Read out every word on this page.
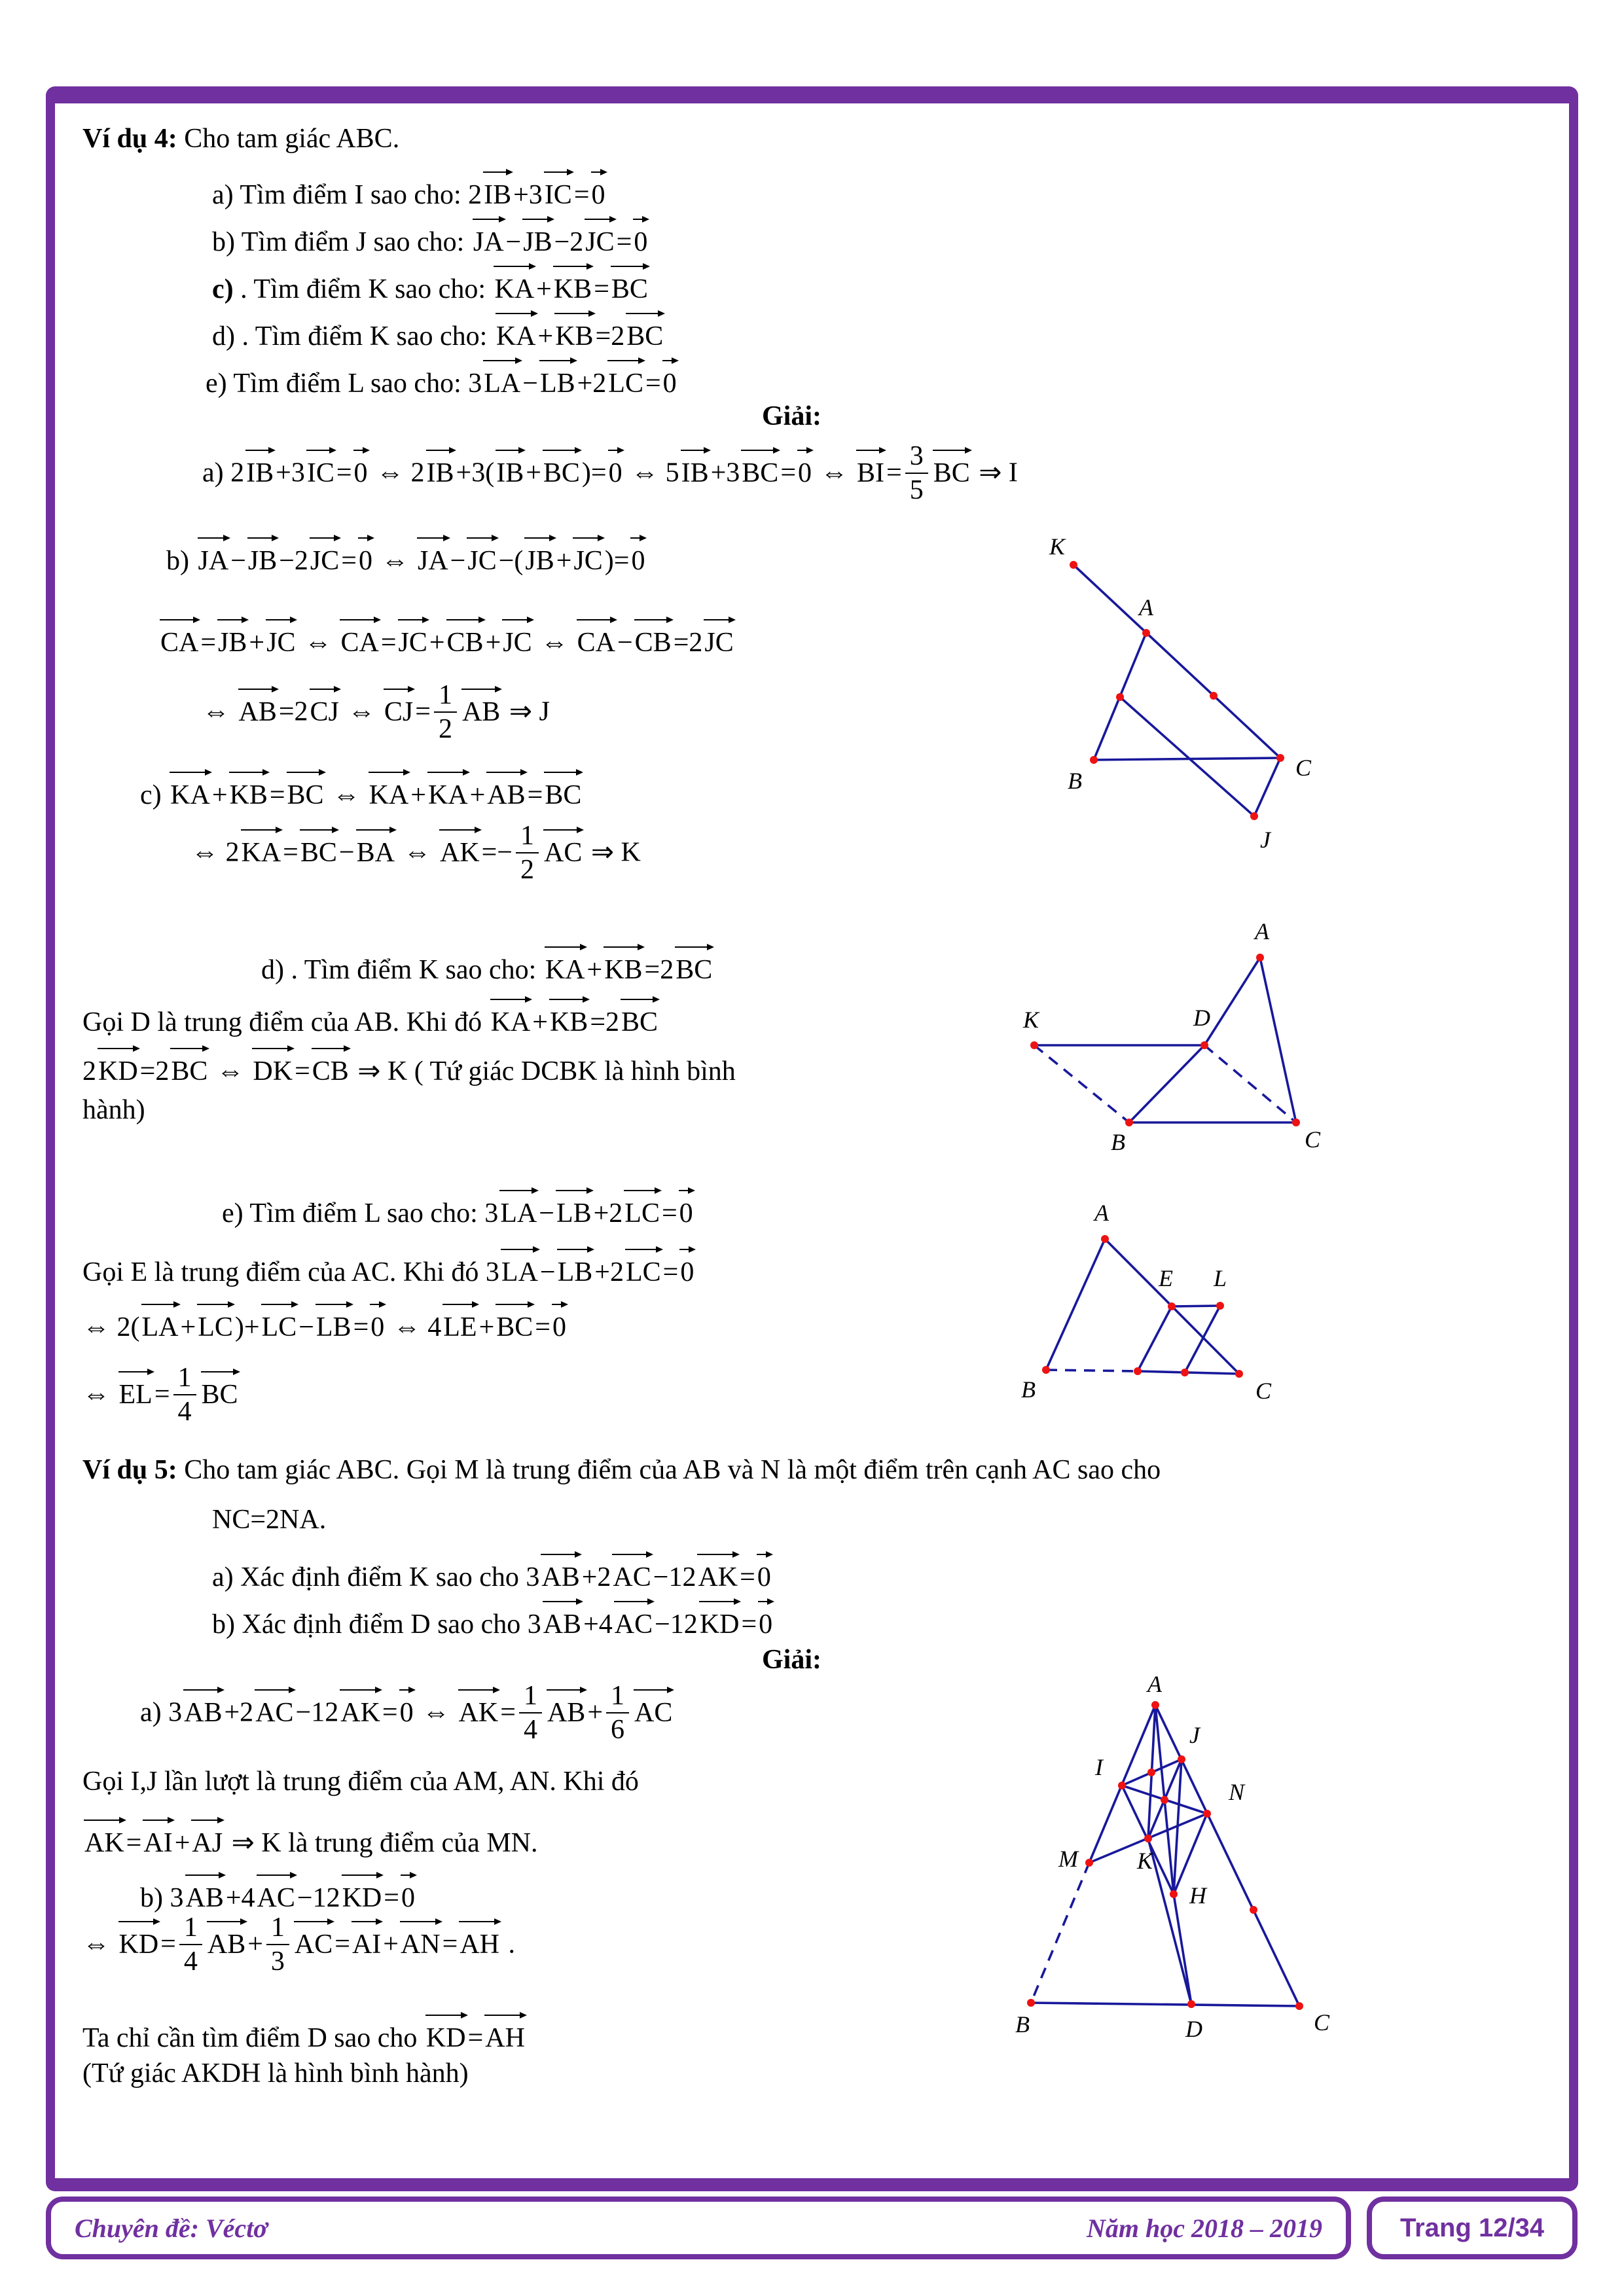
Ví dụ 4: Cho tam giác ABC.
a) Tìm điểm I sao cho: 2IB+3IC=0
b) Tìm điểm J sao cho: JA−JB−2JC=0
c) . Tìm điểm K sao cho: KA+KB=BC
d) . Tìm điểm K sao cho: KA+KB=2BC
e) Tìm điểm L sao cho: 3LA−LB+2LC=0
Giải:
a) 2IB+3IC=0 ⇔ 2IB+3(IB+BC)=0 ⇔ 5IB+3BC=0 ⇔ $BI= \frac{3}{5}$ BC ⇒ I
b) JA−JB−2JC=0 ⇔ JA−JC−(JB+JC)=0
CA=JB+JC ⇔ CA=JC+CB+JC ⇔ CA−CB=2JC
⇔ AB=2CJ ⇔ $CJ= \frac{1}{2}$ AB ⇒ J
c) KA+KB=BC ⇔ KA+KA+AB=BC
⇔ 2KA=BC−BA ⇔ $AK=- \frac{1}{2}$ AC ⇒ K
d) . Tìm điểm K sao cho: KA+KB=2BC
Gọi D là trung điểm của AB. Khi đó KA+KB=2BC
2KD=2BC ⇔ DK=CB ⇒ K ( Tứ giác DCBK là hình bình
hành)
e) Tìm điểm L sao cho: 3LA−LB+2LC=0
Gọi E là trung điểm của AC. Khi đó 3LA−LB+2LC=0
⇔ 2(LA+LC)+LC−LB=0 ⇔ 4LE+BC=0
⇔ $EL= \frac{1}{4}$ BC
Ví dụ 5: Cho tam giác ABC. Gọi M là trung điểm của AB và N là một điểm trên cạnh AC sao cho
NC=2NA.
a) Xác định điểm K sao cho 3AB+2AC−12AK=0
b) Xác định điểm D sao cho 3AB+4AC−12KD=0
Giải:
a) 3AB+2AC−12AK=0 ⇔ $AK= \frac{1}{4} AB+ \frac{1}{6}$ AC
Gọi I,J lần lượt là trung điểm của AM, AN. Khi đó
AK=AI+AJ ⇒ K là trung điểm của MN.
b) 3AB+4AC−12KD=0
⇔ $KD= \frac{1}{4} AB+ \frac{1}{3} AC=AI+AN=AH$ .
Ta chỉ cần tìm điểm D sao cho KD=AH
(Tứ giác AKDH là hình bình hành)
K
A
B	C
J
K	D
A
B	C
A
B	C
E L
A
I
J
N
M	K
H
B	D	C
Chuyên đề: Véctơ	Năm học 2018 – 2019	Trang 12/34
